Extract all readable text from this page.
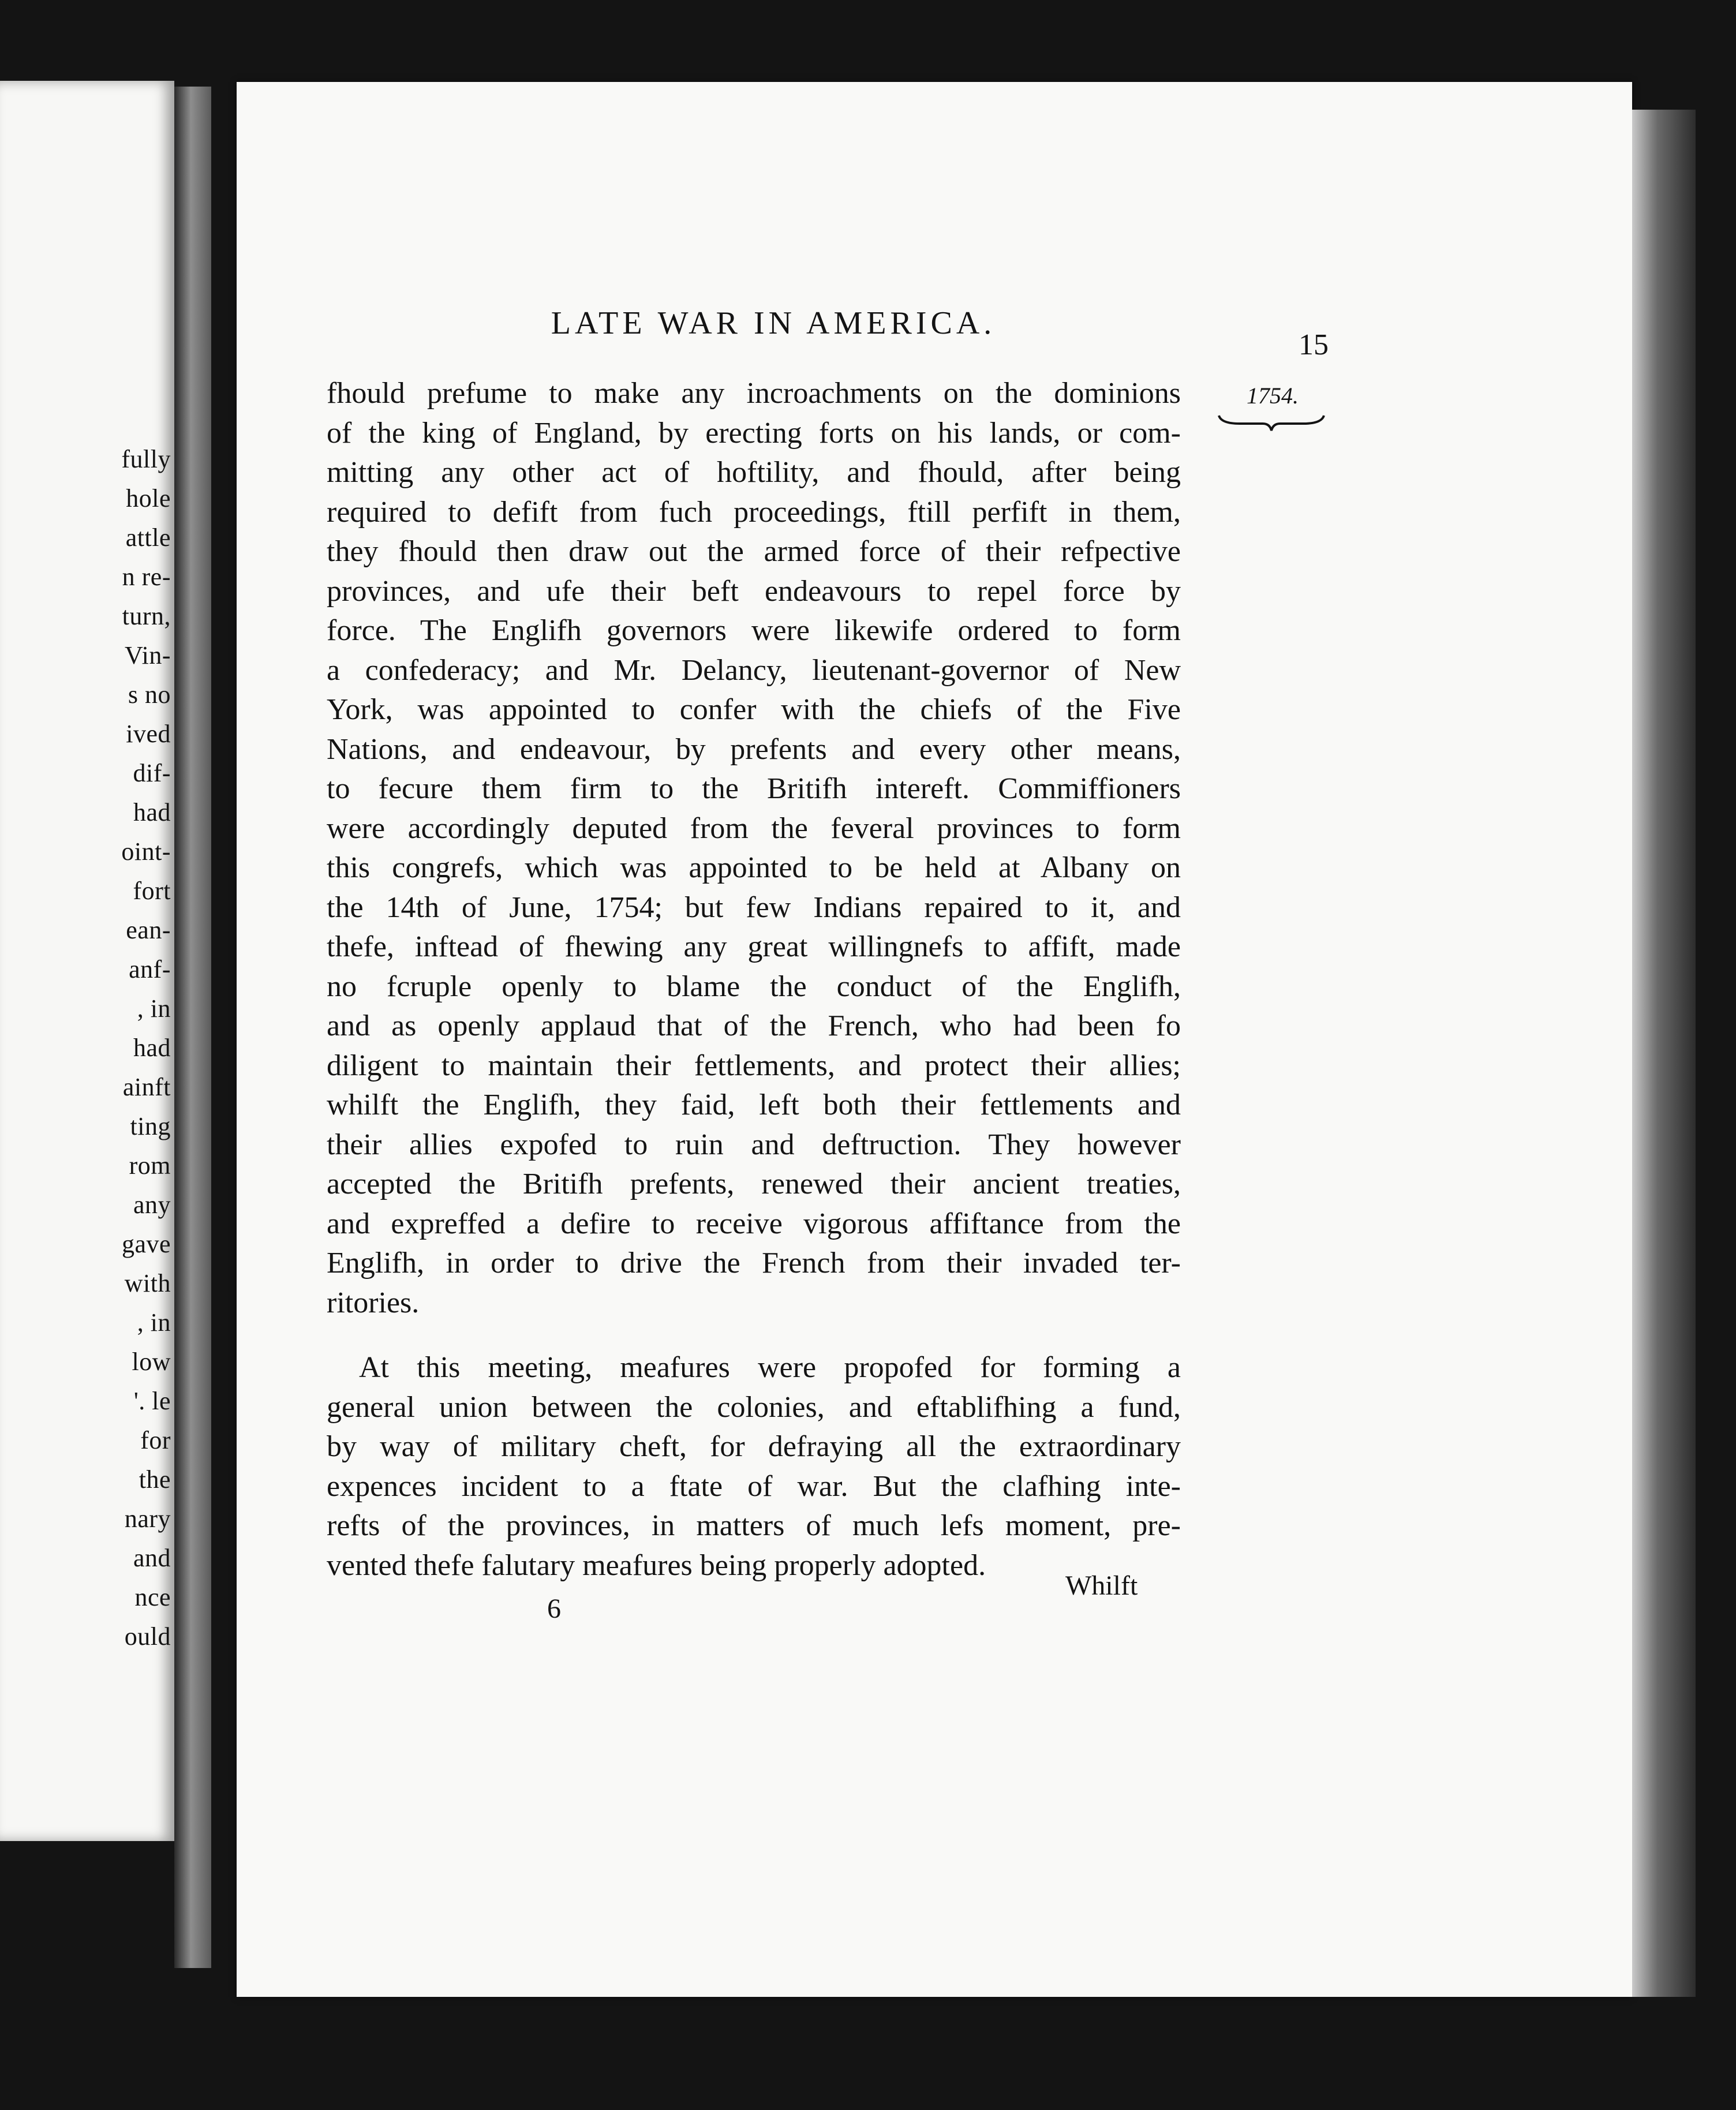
fully
hole
attle
n re-
turn,
Vin-
s no
ived
dif-
had
oint-
fort
ean-
anf-
, in
had
ainft
ting
rom
any
gave
with
, in
low
'. le
for
the
nary
and
nce
ould
LATE WAR IN AMERICA.
15
1754.
fhould prefume to make any incroachments on the dominions
of the king of England, by erecting forts on his lands, or com-
mitting any other act of hoftility, and fhould, after being
required to defift from fuch proceedings, ftill perfift in them,
they fhould then draw out the armed force of their refpective
provinces, and ufe their beft endeavours to repel force by
force. The Englifh governors were likewife ordered to form
a confederacy; and Mr. Delancy, lieutenant-governor of New
York, was appointed to confer with the chiefs of the Five
Nations, and endeavour, by prefents and every other means,
to fecure them firm to the Britifh intereft. Commiffioners
were accordingly deputed from the feveral provinces to form
this congrefs, which was appointed to be held at Albany on
the 14th of June, 1754; but few Indians repaired to it, and
thefe, inftead of fhewing any great willingnefs to affift, made
no fcruple openly to blame the conduct of the Englifh,
and as openly applaud that of the French, who had been fo
diligent to maintain their fettlements, and protect their allies;
whilft the Englifh, they faid, left both their fettlements and
their allies expofed to ruin and deftruction. They however
accepted the Britifh prefents, renewed their ancient treaties,
and expreffed a defire to receive vigorous affiftance from the
Englifh, in order to drive the French from their invaded ter-
ritories.
At this meeting, meafures were propofed for forming a
general union between the colonies, and eftablifhing a fund,
by way of military cheft, for defraying all the extraordinary
expences incident to a ftate of war. But the clafhing inte-
refts of the provinces, in matters of much lefs moment, pre-
vented thefe falutary meafures being properly adopted.
Whilft
6
